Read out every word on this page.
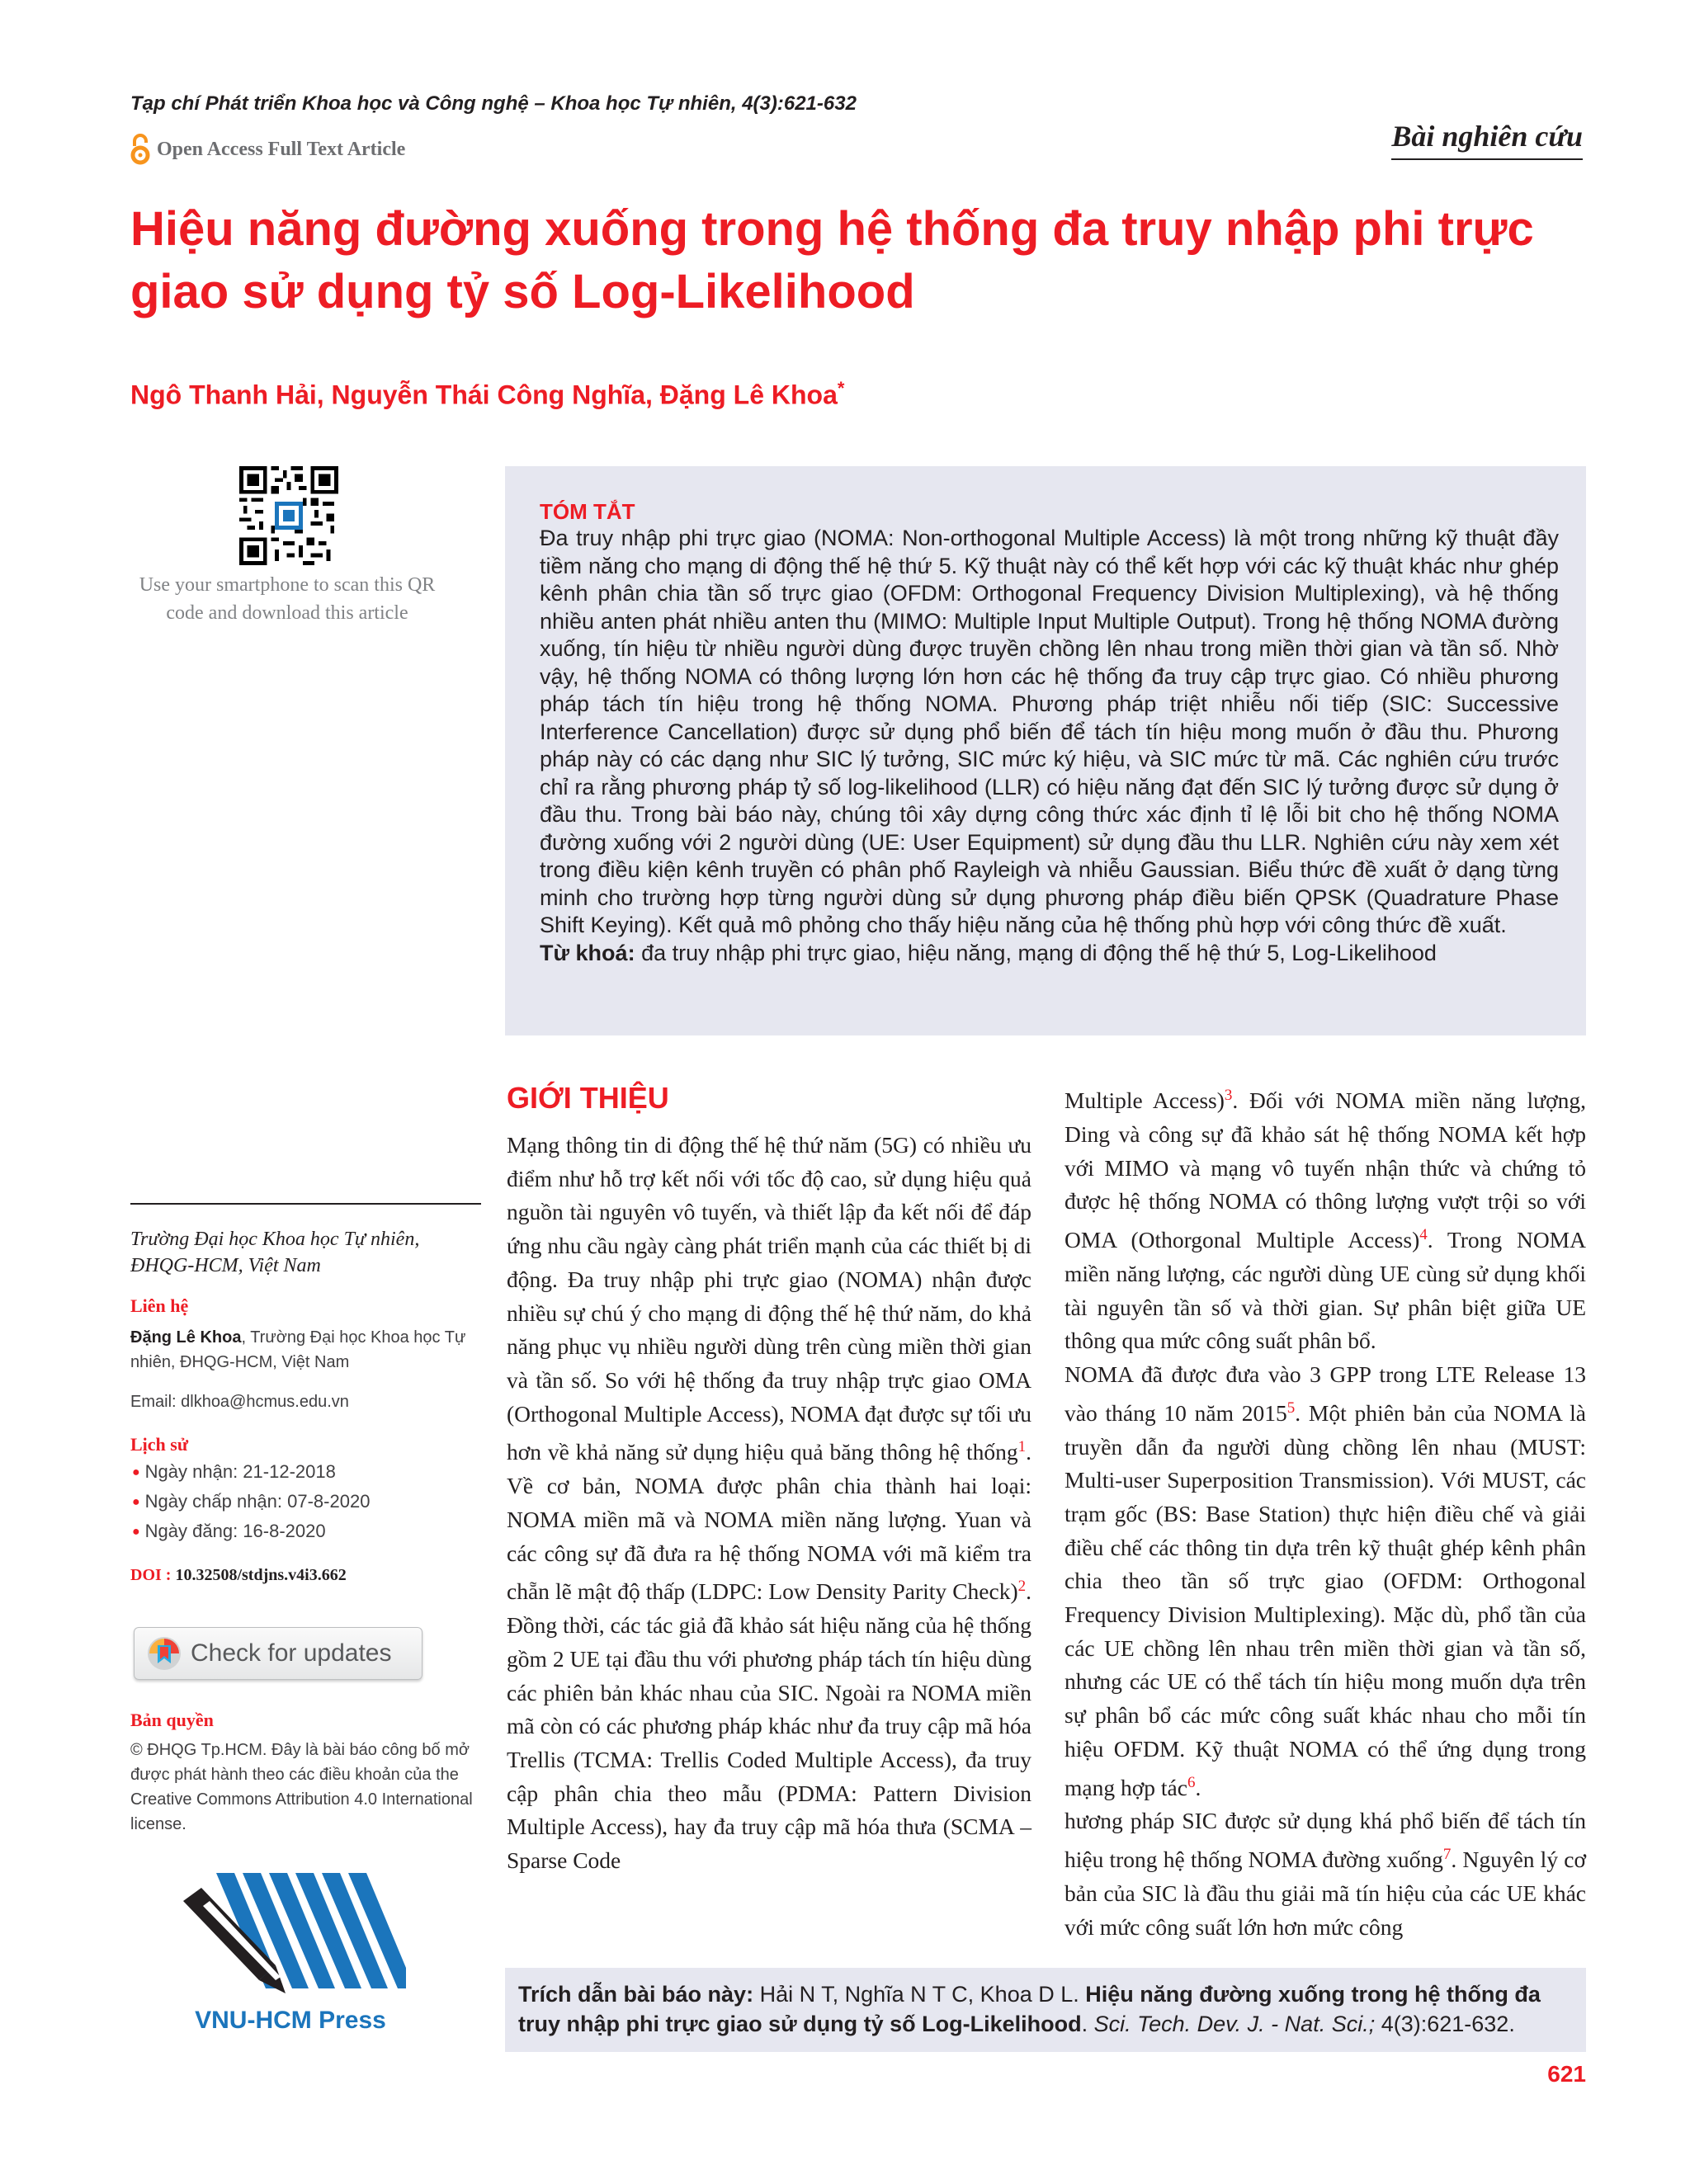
Tạp chí Phát triển Khoa học và Công nghệ – Khoa học Tự nhiên, 4(3):621-632
Open Access Full Text Article	Bài nghiên cứu
Hiệu năng đường xuống trong hệ thống đa truy nhập phi trực giao sử dụng tỷ số Log-Likelihood
Ngô Thanh Hải, Nguyễn Thái Công Nghĩa, Đặng Lê Khoa*
Use your smartphone to scan this QR code and download this article
TÓM TẮT
Đa truy nhập phi trực giao (NOMA: Non-orthogonal Multiple Access) là một trong những kỹ thuật đầy tiềm năng cho mạng di động thế hệ thứ 5. Kỹ thuật này có thể kết hợp với các kỹ thuật khác như ghép kênh phân chia tần số trực giao (OFDM: Orthogonal Frequency Division Multiplexing), và hệ thống nhiều anten phát nhiều anten thu (MIMO: Multiple Input Multiple Output). Trong hệ thống NOMA đường xuống, tín hiệu từ nhiều người dùng được truyền chồng lên nhau trong miền thời gian và tần số. Nhờ vậy, hệ thống NOMA có thông lượng lớn hơn các hệ thống đa truy cập trực giao. Có nhiều phương pháp tách tín hiệu trong hệ thống NOMA. Phương pháp triệt nhiễu nối tiếp (SIC: Successive Interference Cancellation) được sử dụng phổ biến để tách tín hiệu mong muốn ở đầu thu. Phương pháp này có các dạng như SIC lý tưởng, SIC mức ký hiệu, và SIC mức từ mã. Các nghiên cứu trước chỉ ra rằng phương pháp tỷ số log-likelihood (LLR) có hiệu năng đạt đến SIC lý tưởng được sử dụng ở đầu thu. Trong bài báo này, chúng tôi xây dựng công thức xác định tỉ lệ lỗi bit cho hệ thống NOMA đường xuống với 2 người dùng (UE: User Equipment) sử dụng đầu thu LLR. Nghiên cứu này xem xét trong điều kiện kênh truyền có phân phố Rayleigh và nhiễu Gaussian. Biểu thức đề xuất ở dạng từng minh cho trường hợp từng người dùng sử dụng phương pháp điều biến QPSK (Quadrature Phase Shift Keying). Kết quả mô phỏng cho thấy hiệu năng của hệ thống phù hợp với công thức đề xuất.
Từ khoá: đa truy nhập phi trực giao, hiệu năng, mạng di động thế hệ thứ 5, Log-Likelihood
Trường Đại học Khoa học Tự nhiên, ĐHQG-HCM, Việt Nam
Liên hệ
Đặng Lê Khoa, Trường Đại học Khoa học Tự nhiên, ĐHQG-HCM, Việt Nam
Email: dlkhoa@hcmus.edu.vn
Lịch sử
● Ngày nhận: 21-12-2018
● Ngày chấp nhận: 07-8-2020
● Ngày đăng: 16-8-2020
DOI : 10.32508/stdjns.v4i3.662
Check for updates
Bản quyền
© ĐHQG Tp.HCM. Đây là bài báo công bố mở được phát hành theo các điều khoản của the Creative Commons Attribution 4.0 International license.
VNU-HCM Press
GIỚI THIỆU

Mạng thông tin di động thế hệ thứ năm (5G) có nhiều ưu điểm như hỗ trợ kết nối với tốc độ cao, sử dụng hiệu quả nguồn tài nguyên vô tuyến, và thiết lập đa kết nối để đáp ứng nhu cầu ngày càng phát triển mạnh của các thiết bị di động. Đa truy nhập phi trực giao (NOMA) nhận được nhiều sự chú ý cho mạng di động thế hệ thứ năm, do khả năng phục vụ nhiều người dùng trên cùng miền thời gian và tần số. So với hệ thống đa truy nhập trực giao OMA (Orthogonal Multiple Access), NOMA đạt được sự tối ưu hơn về khả năng sử dụng hiệu quả băng thông hệ thống$^1$. Về cơ bản, NOMA được phân chia thành hai loại: NOMA miền mã và NOMA miền năng lượng. Yuan và các công sự đã đưa ra hệ thống NOMA với mã kiểm tra chẵn lẽ mật độ thấp (LDPC: Low Density Parity Check)$^2$. Đồng thời, các tác giả đã khảo sát hiệu năng của hệ thống gồm 2 UE tại đầu thu với phương pháp tách tín hiệu dùng các phiên bản khác nhau của SIC. Ngoài ra NOMA miền mã còn có các phương pháp khác như đa truy cập mã hóa Trellis (TCMA: Trellis Coded Multiple Access), đa truy cập phân chia theo mẫu (PDMA: Pattern Division Multiple Access), hay đa truy cập mã hóa thưa (SCMA – Sparse Code

Multiple Access)$^3$. Đối với NOMA miền năng lượng, Ding và công sự đã khảo sát hệ thống NOMA kết hợp với MIMO và mạng vô tuyến nhận thức và chứng tỏ được hệ thống NOMA có thông lượng vượt trội so với OMA (Othorgonal Multiple Access)$^4$. Trong NOMA miền năng lượng, các người dùng UE cùng sử dụng khối tài nguyên tần số và thời gian. Sự phân biệt giữa UE thông qua mức công suất phân bổ.

NOMA đã được đưa vào 3 GPP trong LTE Release 13 vào tháng 10 năm 2015$^5$. Một phiên bản của NOMA là truyền dẫn đa người dùng chồng lên nhau (MUST: Multi-user Superposition Transmission). Với MUST, các trạm gốc (BS: Base Station) thực hiện điều chế và giải điều chế các thông tin dựa trên kỹ thuật ghép kênh phân chia theo tần số trực giao (OFDM: Orthogonal Frequency Division Multiplexing). Mặc dù, phổ tần của các UE chồng lên nhau trên miền thời gian và tần số, nhưng các UE có thể tách tín hiệu mong muốn dựa trên sự phân bổ các mức công suất khác nhau cho mỗi tín hiệu OFDM. Kỹ thuật NOMA có thể ứng dụng trong mạng hợp tác$^6$.

hương pháp SIC được sử dụng khá phổ biến để tách tín hiệu trong hệ thống NOMA đường xuống$^7$. Nguyên lý cơ bản của SIC là đầu thu giải mã tín hiệu của các UE khác với mức công suất lớn hơn mức công

Trích dẫn bài báo này: Hải N T, Nghĩa N T C, Khoa D L. Hiệu năng đường xuống trong hệ thống đa truy nhập phi trực giao sử dụng tỷ số Log-Likelihood. Sci. Tech. Dev. J. - Nat. Sci.; 4(3):621-632.
621
